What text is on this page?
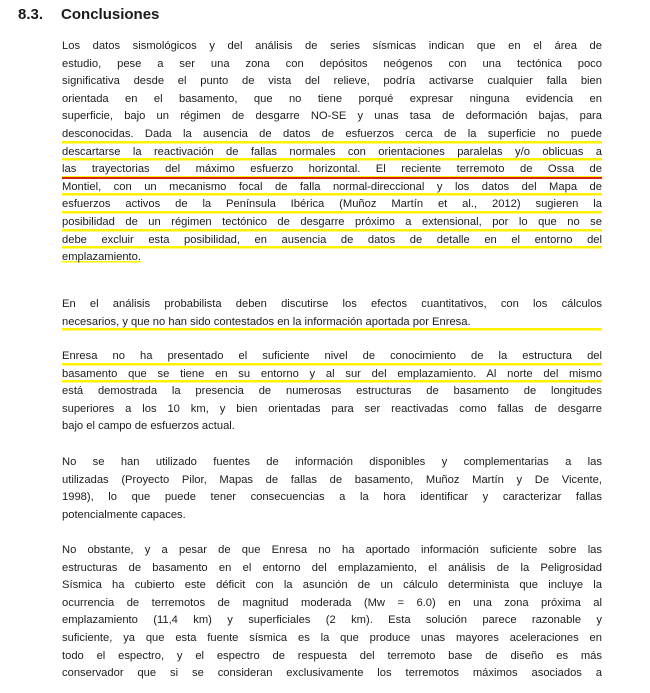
8.3. Conclusiones
Los datos sismológicos y del análisis de series sísmicas indican que en el área de
estudio, pese a ser una zona con depósitos neógenos con una tectónica poco
significativa desde el punto de vista del relieve, podría activarse cualquier falla bien
orientada en el basamento, que no tiene porqué expresar ninguna evidencia en
superficie, bajo un régimen de desgarre NO-SE y unas tasa de deformación bajas, para
desconocidas. Dada la ausencia de datos de esfuerzos cerca de la superficie no puede
descartarse la reactivación de fallas normales con orientaciones paralelas y/o oblicuas a
las trayectorias del máximo esfuerzo horizontal. El reciente terremoto de Ossa de
Montiel, con un mecanismo focal de falla normal-direccional y los datos del Mapa de
esfuerzos activos de la Península Ibérica (Muñoz Martín et al., 2012) sugieren la
posibilidad de un régimen tectónico de desgarre próximo a extensional, por lo que no se
debe excluir esta posibilidad, en ausencia de datos de detalle en el entorno del
emplazamiento.
En el análisis probabilista deben discutirse los efectos cuantitativos, con los cálculos
necesarios, y que no han sido contestados en la información aportada por Enresa.
Enresa no ha presentado el suficiente nivel de conocimiento de la estructura del
basamento que se tiene en su entorno y al sur del emplazamiento. Al norte del mismo
está demostrada la presencia de numerosas estructuras de basamento de longitudes
superiores a los 10 km, y bien orientadas para ser reactivadas como fallas de desgarre
bajo el campo de esfuerzos actual.
No se han utilizado fuentes de información disponibles y complementarias a las
utilizadas (Proyecto Pilor, Mapas de fallas de basamento, Muñoz Martín y De Vicente,
1998), lo que puede tener consecuencias a la hora identificar y caracterizar fallas
potencialmente capaces.
No obstante, y a pesar de que Enresa no ha aportado información suficiente sobre las
estructuras de basamento en el entorno del emplazamiento, el análisis de la Peligrosidad
Sísmica ha cubierto este déficit con la asunción de un cálculo determinista que incluye la
ocurrencia de terremotos de magnitud moderada (Mw = 6.0) en una zona próxima al
emplazamiento (11,4 km) y superficiales (2 km). Esta solución parece razonable y
suficiente, ya que esta fuente sísmica es la que produce unas mayores aceleraciones en
todo el espectro, y el espectro de respuesta del terremoto base de diseño es más
conservador que si se consideran exclusivamente los terremotos máximos asociados a
